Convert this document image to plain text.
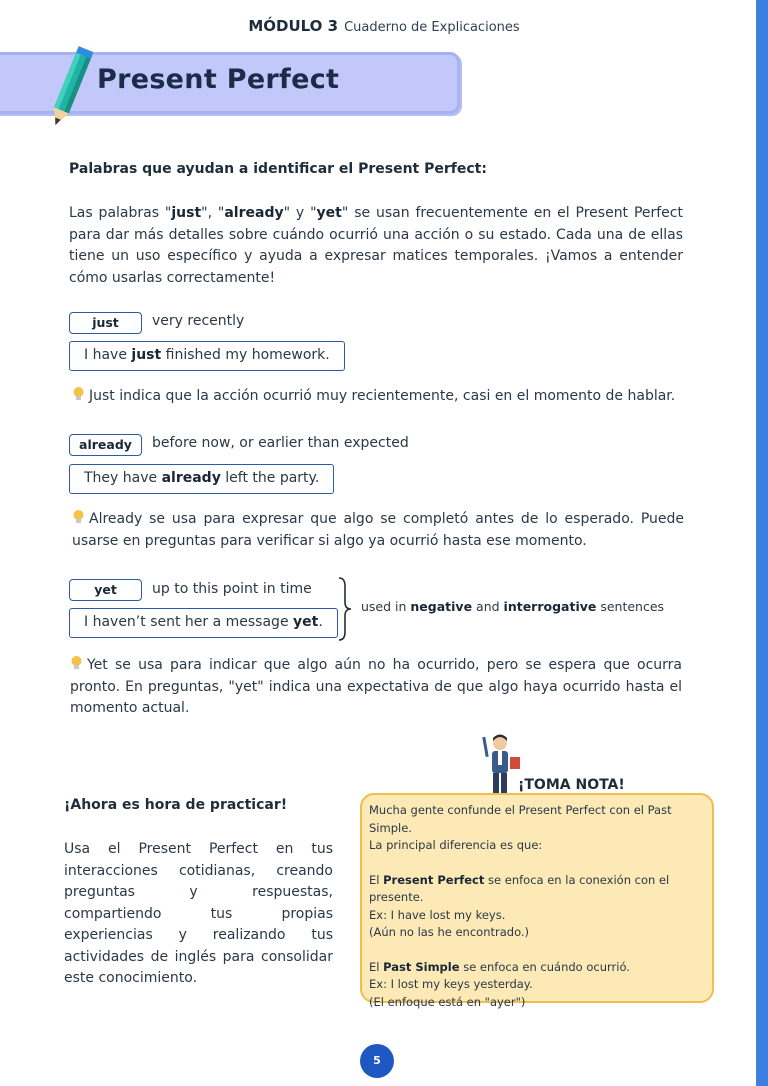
MÓDULO 3 Cuaderno de Explicaciones
Present Perfect
Palabras que ayudan a identificar el Present Perfect:
Las palabras "just", "already" y "yet" se usan frecuentemente en el Present Perfect para dar más detalles sobre cuándo ocurrió una acción o su estado. Cada una de ellas tiene un uso específico y ayuda a expresar matices temporales. ¡Vamos a entender cómo usarlas correctamente!
just	very recently
I have just finished my homework.
Just indica que la acción ocurrió muy recientemente, casi en el momento de hablar.
already	before now, or earlier than expected
They have already left the party.
Already se usa para expresar que algo se completó antes de lo esperado. Puede usarse en preguntas para verificar si algo ya ocurrió hasta ese momento.
yet	up to this point in time
I haven’t sent her a message yet.
used in negative and interrogative sentences
Yet se usa para indicar que algo aún no ha ocurrido, pero se espera que ocurra pronto. En preguntas, "yet" indica una expectativa de que algo haya ocurrido hasta el momento actual.
¡Ahora es hora de practicar!
Usa el Present Perfect en tus interacciones cotidianas, creando preguntas y respuestas, compartiendo tus propias experiencias y realizando tus actividades de inglés para consolidar este conocimiento.
¡TOMA NOTA!

Mucha gente confunde el Present Perfect con el Past Simple.

La principal diferencia es que:

El Present Perfect se enfoca en la conexión con el presente.

Ex: I have lost my keys.

(Aún no las he encontrado.)

El Past Simple se enfoca en cuándo ocurrió.

Ex: I lost my keys yesterday.

(El enfoque está en "ayer")

5
